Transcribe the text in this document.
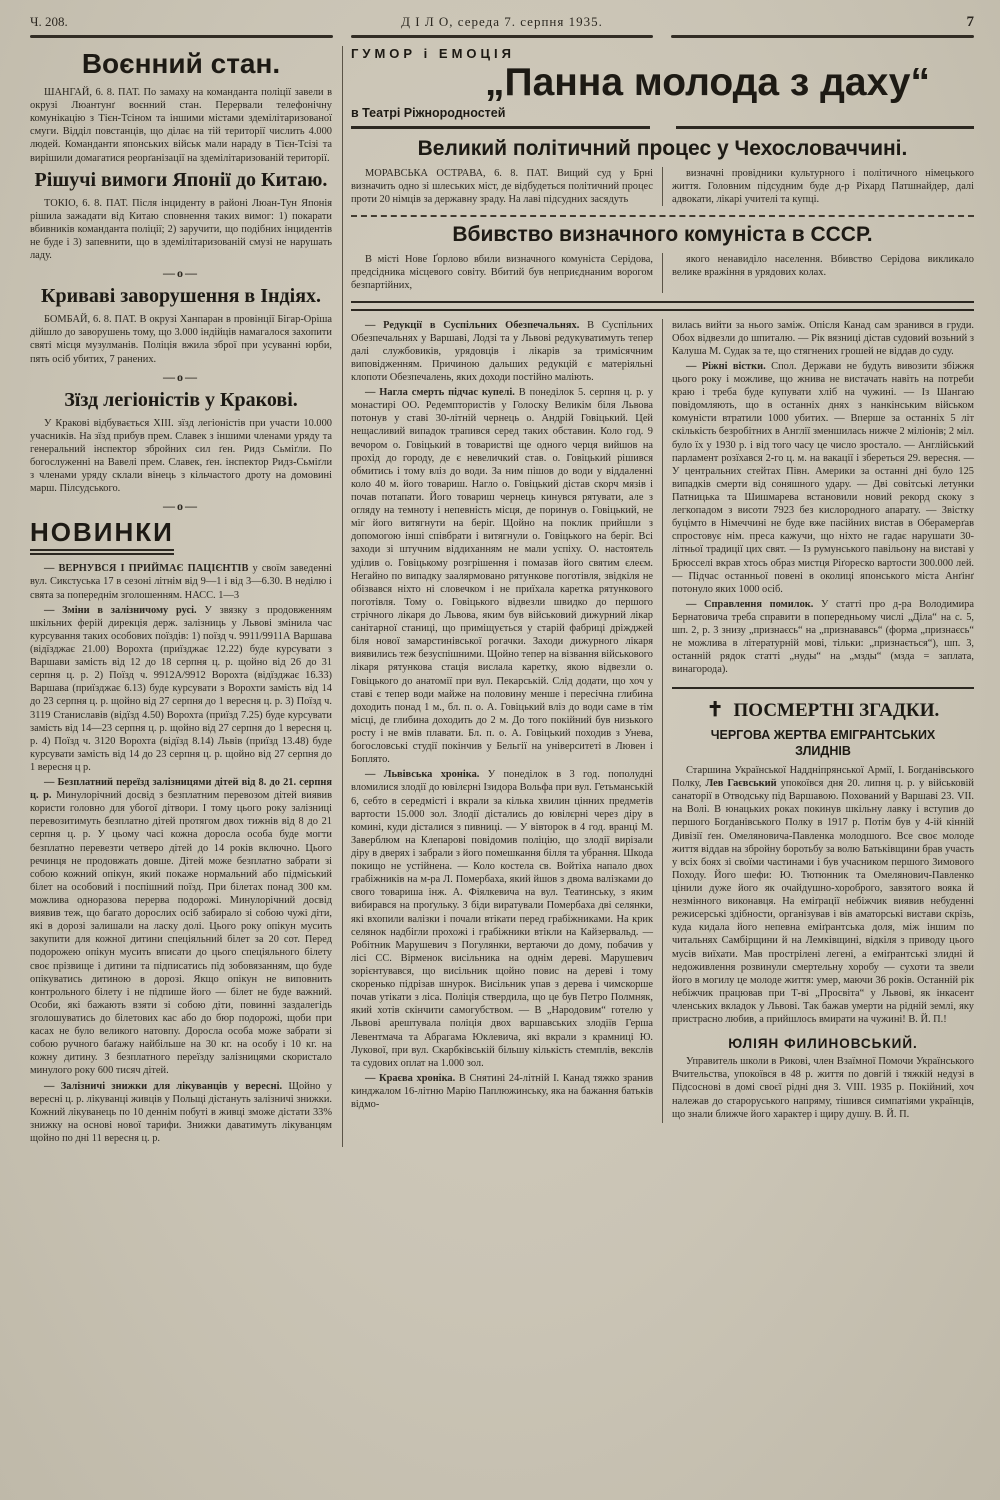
Ч. 208.	Д І Л О, середа 7. серпня 1935.	7
Воєнний стан.

ШАНГАЙ, 6. 8. ПАТ. По замаху на команданта поліції завели в окрузі Люантунґ воєнний стан. Перервали телефонічну комунікацію з Тієн-Тсіном та іншими містами здемілітаризованої смуги. Відділ повстанців, що ділає на тій території числить 4.000 людей. Команданти японських військ мали нараду в Тієн-Тсізі та вирішили домагатися реорґанізації на здемілітаризованій території.

Рішучі вимоги Японії до Китаю.

ТОКІО, 6. 8. ПАТ. Після інциденту в районі Люан-Тун Японія рішила зажадати від Китаю сповнення таких вимог: 1) покарати вбивників команданта поліції; 2) заручити, що подібних інцидентів не буде і 3) запевнити, що в здемілітаризованій смузі не нарушать ладу.

—о—
Криваві заворушення в Індіях.

БОМБАЙ, 6. 8. ПАТ. В окрузі Ханпаран в провінції Бігар-Оріша дійшло до заворушень тому, що 3.000 індійців намагалося захопити святі місця музулманів. Поліція вжила зброї при усуванні юрби, пять осіб убитих, 7 ранених.

—о—
Зїзд легіоністів у Кракові.

У Кракові відбувається XIII. зїзд легіоністів при участи 10.000 учасників. На зїзд прибув прем. Славек з іншими членами уряду та генеральний інспектор збройних сил ґен. Ридз Сьміґли. По богослуженні на Вавелі прем. Славек, ґен. інспектор Ридз-Сьміґли з членами уряду склали вінець з кільчастого дроту на домовині марш. Пілсудського.

—о—
НОВИНКИ

— ВЕРНУВСЯ І ПРИЙМАЄ ПАЦІЄНТІВ у своїм заведенні вул. Сикстуська 17 в сезоні літнім від 9—1 і від 3—6.30. В неділю і свята за попереднім зголошенням. НАСС. 1—3

— Зміни в залізничому русі. У звязку з продовженням шкільних ферій дирекція держ. залізниць у Львові змінила час курсування таких особових поїздів: 1) поїзд ч. 9911/9911А Варшава (відїзджає 21.00) Ворохта (приїзджає 12.22) буде курсувати з Варшави замість від 12 до 18 серпня ц. р. щойно від 26 до 31 серпня ц. р. 2) Поїзд ч. 9912А/9912 Ворохта (відїзджає 16.33) Варшава (приїзджає 6.13) буде курсувати з Ворохти замість від 14 до 23 серпня ц. р. щойно від 27 серпня до 1 вересня ц. р. 3) Поїзд ч. 3119 Станиславів (відїзд 4.50) Ворохта (приїзд 7.25) буде курсувати замість від 14—23 серпня ц. р. щойно від 27 серпня до 1 вересня ц. р. 4) Поїзд ч. 3120 Ворохта (відїзд 8.14) Львів (приїзд 13.48) буде курсувати замість від 14 до 23 серпня ц. р. щойно від 27 серпня до 1 вересня ц р.

— Безплатний переїзд залізницями дітей від 8. до 21. серпня ц. р. Минулорічний досвід з безплатним перевозом дітей виявив користи головно для убогої дітвори. І тому цього року залізниці перевозитимуть безплатно дітей протягом двох тижнів від 8 до 21 серпня ц. р. У цьому часі кожна доросла особа буде могти безплатно перевезти четверо дітей до 14 років включно. Цього речинця не продовжать довше. Дітей може безплатно забрати зі собою кожний опікун, який покаже нормальний або підміський білет на особовий і поспішний поїзд. При білетах понад 300 км. можлива одноразова перерва подорожі. Минулорічний досвід виявив теж, що багато дорослих осіб забирало зі собою чужі діти, які в дорозі залишали на ласку долі. Цього року опікун мусить закупити для кожної дитини спеціяльний білет за 20 сот. Перед подорожею опікун мусить вписати до цього спеціяльного білету своє прізвище і дитини та підписатись під зобовязанням, що буде опікуватись дитиною в дорозі. Якщо опікун не виповнить контрольного білету і не підпише його — білет не буде важний. Особи, які бажають взяти зі собою діти, повинні заздалегідь зголошуватись до білетових кас або до бюр подорожі, щоби при касах не було великого натовпу. Доросла особа може забрати зі собою ручного баґажу найбільше на 30 кг. на особу і 10 кг. на кожну дитину. З безплатного переїзду залізницями скористало минулого року 600 тисяч дітей.

— Залізничі знижки для лікуванців у вересні. Щойно у вересні ц. р. лікуванці живців у Польщі дістануть залізничі знижки. Кожний лікуванець по 10 деннім побуті в живці зможе дістати 33% знижку на основі нової тарифи. Знижки даватимуть лікуванцям щойно по дні 11 вересня ц. р.

ГУМОР і ЕМОЦІЯ
„Панна молода з даху“
в Театрі Ріжнородностей
Великий політичний процес у Чехословаччині.

МОРАВСЬКА ОСТРАВА, 6. 8. ПАТ. Вищий суд у Брні визначить одно зі шлеських міст, де відбудеться політичний процес проти 20 німців за державну зраду. На лаві підсудних засядуть

визначні провідники культурного і політичного німецького життя. Головним підсудним буде д-р Ріхард Патшнайдер, далі адвокати, лікарі учителі та купці.

Вбивство визначного комуніста в СССР.

В місті Нове Ґорлово вбили визначного комуніста Серідова, предсідника місцевого совіту. Вбитий був неприєднаним ворогом безпартійних,

якого ненавиділо населення. Вбивство Серідова викликало велике вражіння в урядових колах.

— Редукції в Суспільних Обезпечальнях. В Суспільних Обезпечальнях у Варшаві, Лодзі та у Львові редукуватимуть тепер далі службовиків, урядовців і лікарів за тримісячним виповідженням. Причиною дальших редукцій є матеріяльні клопоти Обезпечалень, яких доходи постійно маліють.

— Нагла смерть підчас купелі. В понеділок 5. серпня ц. р. у монастирі ОО. Редемптористів у Голоску Великім біля Львова потонув у ставі 30-літній чернець о. Андрій Говіцький. Цей нещасливий випадок трапився серед таких обставин. Коло год. 9 вечором о. Говіцький в товаристві ще одного черця вийшов на прохід до городу, де є невеличкий став. о. Говіцький рішився обмитись і тому вліз до води. За ним пішов до води у віддаленні коло 40 м. його товариш. Нагло о. Говіцький дістав скорч мязів і почав потапати. Його товариш чернець кинувся рятувати, але з огляду на темноту і непевність місця, де поринув о. Говіцький, не міг його витягнути на беріг. Щойно на поклик прийшли з допомогою інші співбрати і витягнули о. Говіцького на беріг. Всі заходи зі штучним віддиханням не мали успіху. О. настоятель уділив о. Говіцькому розгрішення і помазав його святим єлеєм. Негайно по випадку заалярмовано рятункове поготівля, звідкіля не обізвався ніхто ні словечком і не приїхала каретка рятункового поготівля. Тому о. Говіцького відвезли швидко до першого стрічного лікаря до Львова, яким був військовий дижурний лікар санітарної станиці, що приміщується у старій фабриці дріжджей біля нової замарстинівської рогачки. Заходи дижурного лікаря виявились теж безуспішними. Щойно тепер на візвання військового лікаря рятункова стація вислала каретку, якою відвезли о. Говіцького до анатомії при вул. Пекарській. Слід додати, що хоч у ставі є тепер води майже на половину менше і пересічна глибина доходить понад 1 м., бл. п. о. А. Говіцький вліз до води саме в тім місці, де глибина доходить до 2 м. До того покійний був низького росту і не вмів плавати. Бл. п. о. А. Говіцький походив з Унева, богословські студії покінчив у Бельгії на університеті в Лювен і Боплято.

— Львівська хроніка. У понеділок в 3 год. пополудні вломилися злодії до ювілєрні Ізидора Вольфа при вул. Гетьманській 6, себто в середмісті і вкрали за кілька хвилин цінних предметів вартости 15.000 зол. Злодії дістались до ювілєрні через діру в комині, куди дісталися з пивниці. — У вівторок в 4 год. вранці М. Заверблюм на Клепарові повідомив поліцію, що злодії вирізали діру в дверях і забрали з його помешкання білля та убрання. Шкода покищо не устійнена. — Коло костела св. Войтіха напало двох грабіжників на м-ра Л. Помербаха, який йшов з двома валізками до свого товариша інж. А. Фіялкевича на вул. Театинську, з яким вибирався на проґульку. З біди виратували Помербаха дві селянки, які вхопили валізки і почали втікати перед грабіжниками. На крик селянок надбігли прохожі і грабіжники втікли на Кайзервальд. — Робітник Марушевич з Погулянки, вертаючи до дому, побачив у лісі СС. Вірменок висільника на однім дереві. Марушевич зорієнтувався, що висільник щойно повис на дереві і тому скоренько підрізав шнурок. Висільник упав з дерева і чимскорше почав утікати з ліса. Поліція ствердила, що це був Петро Полмняк, який хотів скінчити самогубством. — В „Народовим“ готелю у Львові арештувала поліція двох варшавських злодіїв Герша Левентмача та Абрагама Юклевича, які вкрали з крамниці Ю. Лукової, при вул. Скарбківській більшу кількість стемплів, векслів та судових оплат на 1.000 зол.

— Краєва хроніка. В Снятині 24-літній І. Канад тяжко зранив кинджалом 16-літню Марію Паплюжинську, яка на бажання батьків відмо-

вилась вийти за нього заміж. Опісля Канад сам зранився в груди. Обох відвезли до шпиталю. — Рік вязниці дістав судовий возьний з Калуша М. Судак за те, що стягнених грошей не віддав до суду.

— Ріжні вістки. Спол. Держави не будуть вивозити збіжжя цього року і можливе, що жнива не вистачать навіть на потреби краю і треба буде купувати хліб на чужині. — Із Шангаю повідомляють, що в останніх днях з нанкінським військом комуністи втратили 1000 убитих. — Вперше за останніх 5 літ скількість безробітних в Англії зменшилась нижче 2 міліонів; 2 міл. було їх у 1930 р. і від того часу це число зростало. — Англійський парламент розїхався 2-го ц. м. на вакації і збереться 29. вересня. — У центральних стейтах Півн. Америки за останні дні було 125 випадків смерти від соняшного удару. — Дві совітські летунки Патницька та Шишмарева встановили новий рекорд скоку з легкопадом з висоти 7923 без кислородного апарату. — Звістку буцімто в Німеччині не буде вже пасійних вистав в Оберамерґав спростовує нім. преса кажучи, що ніхто не гадає нарушати 30-літньої традиції цих свят. — Із румунського павільону на виставі у Брюсселі вкрав хтось образ мистця Ріґореско вартости 300.000 лей. — Підчас останньої повені в околиці японського міста Анґінґ потонуло яких 1000 осіб.

— Справлення помилок. У статті про д-ра Володимира Бернатовича треба справити в попередньому числі „Діла“ на с. 5, шп. 2, р. 3 знизу „признаєсь“ на „признававсь“ (форма „признаєсь“ не можлива в літературній мові, тільки: „признається“), шп. 3, останній рядок статті „нуды“ на „мзды“ (мзда = заплата, винагорода).

✝ ПОСМЕРТНІ ЗГАДКИ.
ЧЕРГОВА ЖЕРТВА ЕМІГРАНТСЬКИХ
ЗЛИДНІВ

Старшина Української Наддніпрянської Армії, І. Богданівського Полку, Лев Гаєвський упокоївся дня 20. липня ц. р. у військовій санаторії в Отводську під Варшавою. Похований у Варшаві 23. VII. на Волі. В юнацьких роках покинув шкільну лавку і вступив до першого Богданівського Полку в 1917 р. Потім був у 4-ій кінній Дивізії ґен. Омеляновича-Павленка молодшого. Все своє молоде життя віддав на збройну боротьбу за волю Батьківщини брав участь у всіх боях зі своїми частинами і був учасником першого Зимового Походу. Його шефи: Ю. Тютюнник та Омелянович-Павленко цінили дуже його як очайдушно-хороброго, завзятого вояка й незмінного виконавця. На еміґрації небіжчик виявив небуденні режисерські здібности, організував і вів аматорські вистави скрізь, куда кидала його непевна еміґрантська доля, між іншим по читальнях Самбірщини й на Лемківщині, відкіля з приводу цього мусів виїхати. Мав прострілені легені, а еміґрантські злидні й недоживлення розвинули смертельну хоробу — сухоти та звели його в могилу це молоде життя: умер, маючи 36 років. Останній рік небіжчик працював при Т-ві „Просвіта“ у Львові, як інкасент членських вкладок у Львові. Так бажав умерти на рідній землі, яку пристрасно любив, а прийшлось вмирати на чужині! В. Й. П.!

ЮЛІЯН ФИЛИНОВСЬКИЙ.

Управитель школи в Рикові, член Взаїмної Помочи Українського Вчительства, упокоївся в 48 р. життя по довгій і тяжкій недузі в Підсоснові в домі своєї рідні дня 3. VIII. 1935 р. Покійний, хоч належав до староруського напряму, тішився симпатіями українців, що знали ближче його характер і щиру душу. В. Й. П.
